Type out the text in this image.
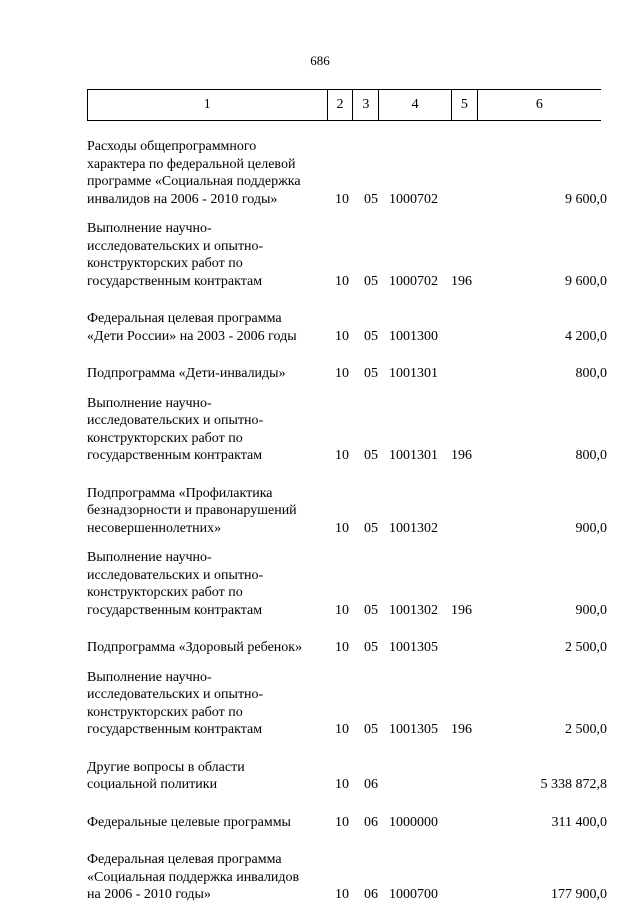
686
1	2	3	4	5	6
Расходы общепрограммного
характера по федеральной целевой
программе «Социальная поддержка
инвалидов на 2006 - 2010 годы»	10	05 1000702	9 600,0
Выполнение научно-
исследовательских и опытно-
конструкторских работ по
государственным контрактам	10	05 1000702 196	9 600,0
Федеральная целевая программа
«Дети России» на 2003 - 2006 годы	10	05 1001300	4 200,0
Подпрограмма «Дети-инвалиды»	10	05 1001301	800,0
Выполнение научно-
исследовательских и опытно-
конструкторских работ по
государственным контрактам	10	05 1001301 196	800,0
Подпрограмма «Профилактика
безнадзорности и правонарушений
несовершеннолетних»	10	05 1001302	900,0
Выполнение научно-
исследовательских и опытно-
конструкторских работ по
государственным контрактам	10	05 1001302 196	900,0
Подпрограмма «Здоровый ребенок»	10	05 1001305	2 500,0
Выполнение научно-
исследовательских и опытно-
конструкторских работ по
государственным контрактам	10	05 1001305 196	2 500,0
Другие вопросы в области
социальной политики	10	06	5 338 872,8
Федеральные целевые программы	10	06 1000000	311 400,0
Федеральная целевая программа
«Социальная поддержка инвалидов
на 2006 - 2010 годы»	10	06 1000700	177 900,0
